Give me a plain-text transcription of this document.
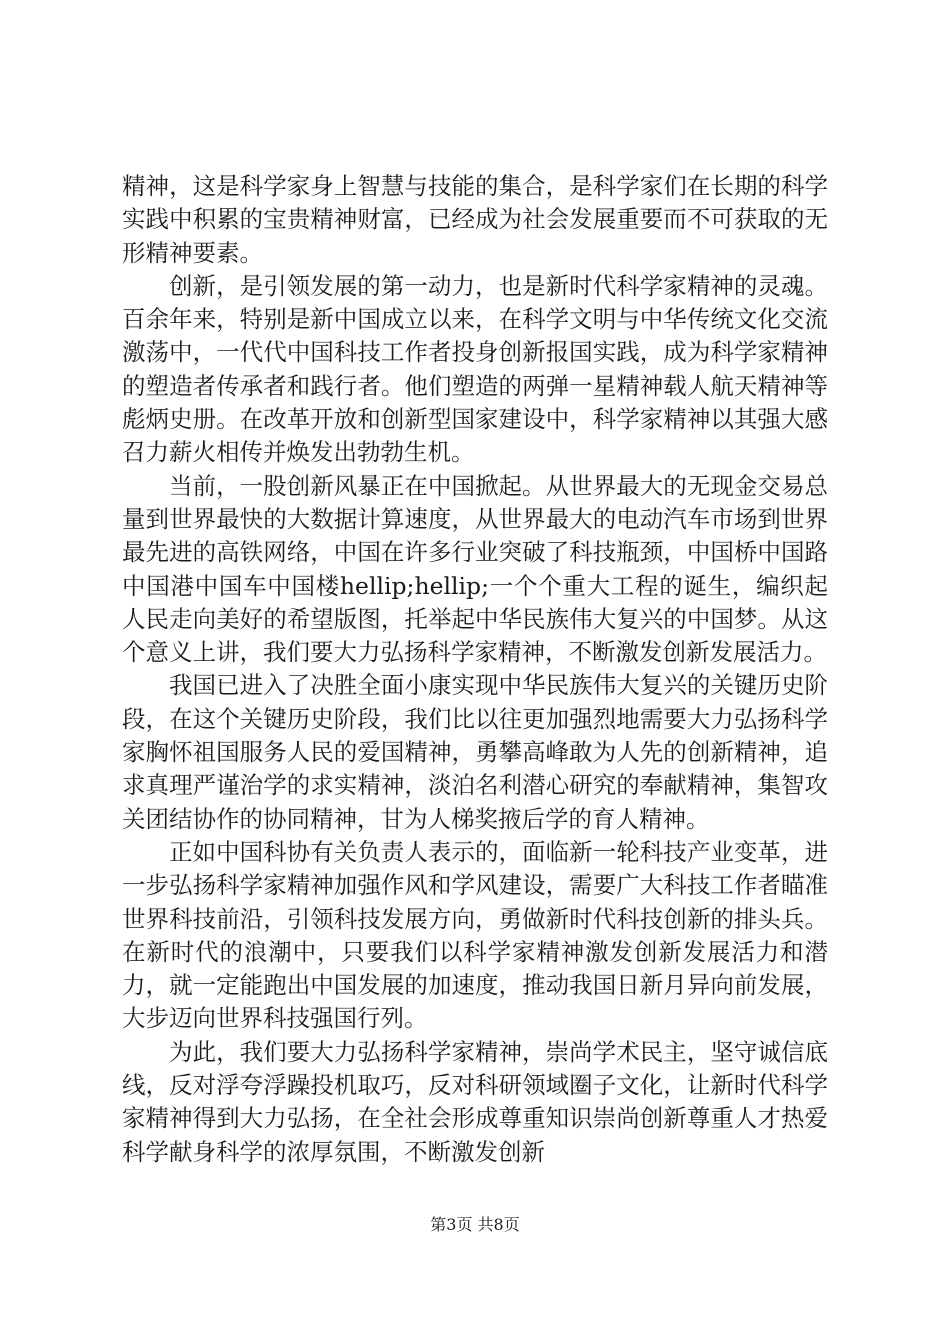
精神，这是科学家身上智慧与技能的集合，是科学家们在长期的科学实践中积累的宝贵精神财富，已经成为社会发展重要而不可获取的无形精神要素。

创新，是引领发展的第一动力，也是新时代科学家精神的灵魂。百余年来，特别是新中国成立以来，在科学文明与中华传统文化交流激荡中，一代代中国科技工作者投身创新报国实践，成为科学家精神的塑造者传承者和践行者。他们塑造的两弹一星精神载人航天精神等彪炳史册。在改革开放和创新型国家建设中，科学家精神以其强大感召力薪火相传并焕发出勃勃生机。

当前，一股创新风暴正在中国掀起。从世界最大的无现金交易总量到世界最快的大数据计算速度，从世界最大的电动汽车市场到世界最先进的高铁网络，中国在许多行业突破了科技瓶颈，中国桥中国路中国港中国车中国楼hellip;hellip;一个个重大工程的诞生，编织起人民走向美好的希望版图，托举起中华民族伟大复兴的中国梦。从这个意义上讲，我们要大力弘扬科学家精神，不断激发创新发展活力。

我国已进入了决胜全面小康实现中华民族伟大复兴的关键历史阶段，在这个关键历史阶段，我们比以往更加强烈地需要大力弘扬科学家胸怀祖国服务人民的爱国精神，勇攀高峰敢为人先的创新精神，追求真理严谨治学的求实精神，淡泊名利潜心研究的奉献精神，集智攻关团结协作的协同精神，甘为人梯奖掖后学的育人精神。

正如中国科协有关负责人表示的，面临新一轮科技产业变革，进一步弘扬科学家精神加强作风和学风建设，需要广大科技工作者瞄准世界科技前沿，引领科技发展方向，勇做新时代科技创新的排头兵。在新时代的浪潮中，只要我们以科学家精神激发创新发展活力和潜力，就一定能跑出中国发展的加速度，推动我国日新月异向前发展，大步迈向世界科技强国行列。

为此，我们要大力弘扬科学家精神，崇尚学术民主，坚守诚信底线，反对浮夸浮躁投机取巧，反对科研领域圈子文化，让新时代科学家精神得到大力弘扬，在全社会形成尊重知识崇尚创新尊重人才热爱科学献身科学的浓厚氛围，不断激发创新

第3页 共8页
